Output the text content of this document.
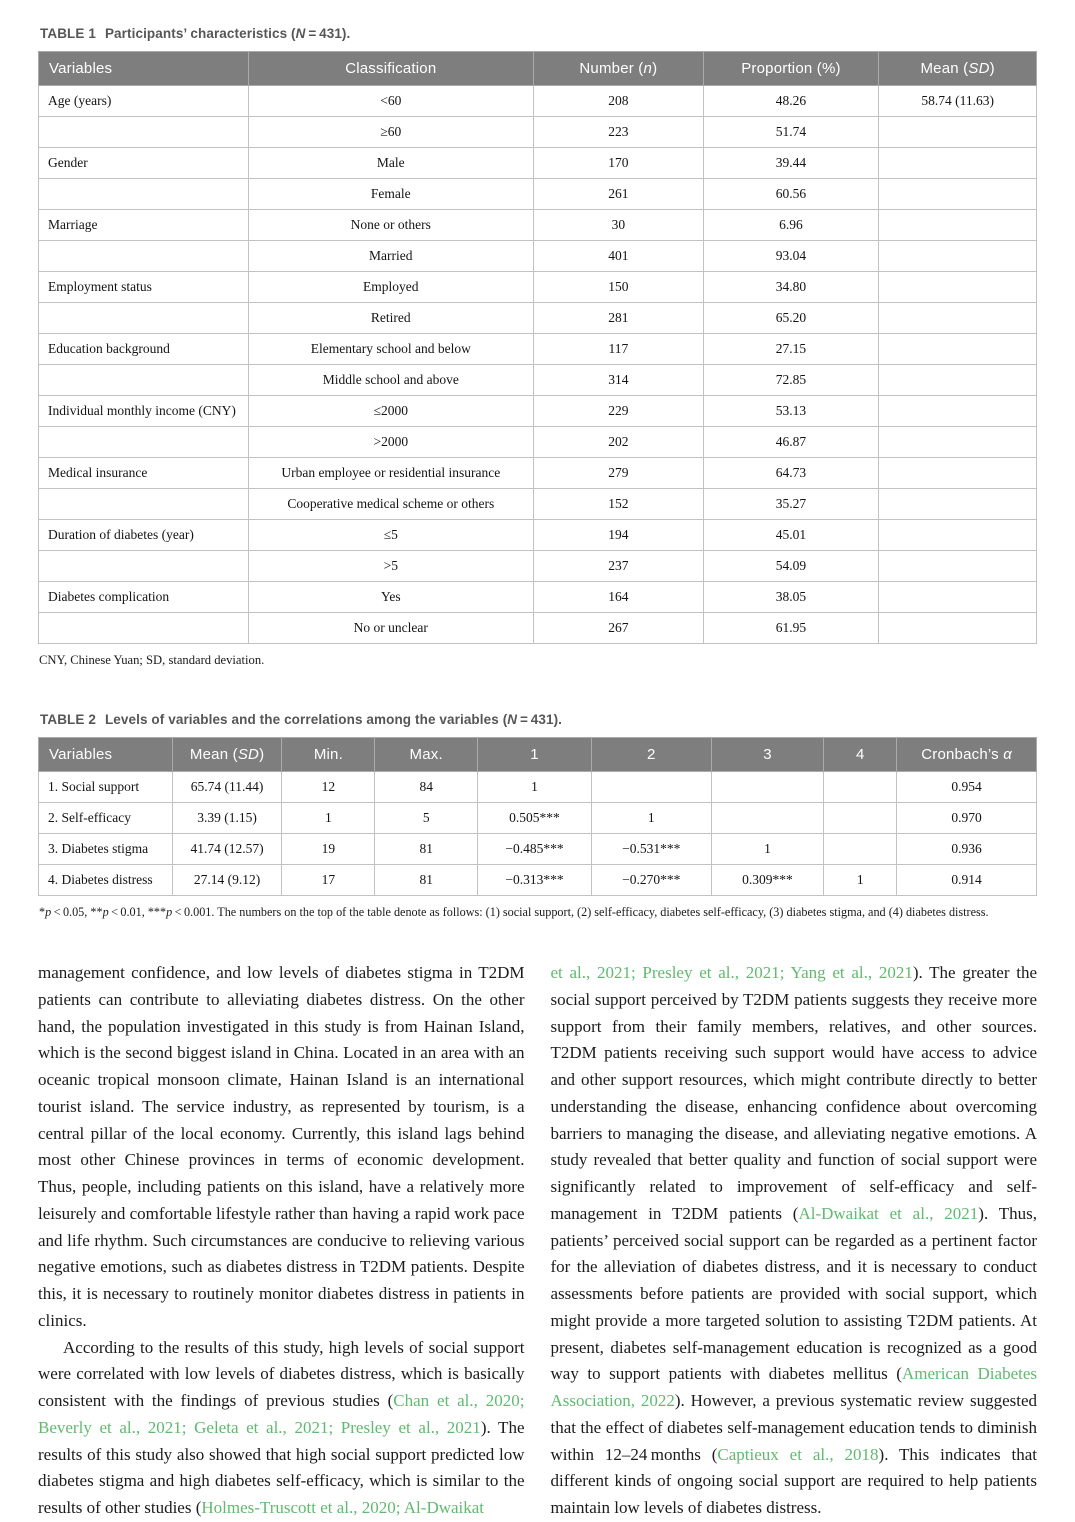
TABLE 1 Participants’ characteristics (N = 431).

Variables	Classification	Number (n)	Proportion (%)	Mean (SD)
Age (years)	<60	208	48.26	58.74 (11.63)
	≥60	223	51.74	
Gender	Male	170	39.44	
	Female	261	60.56	
Marriage	None or others	30	6.96	
	Married	401	93.04	
Employment status	Employed	150	34.80	
	Retired	281	65.20	
Education background	Elementary school and below	117	27.15	
	Middle school and above	314	72.85	
Individual monthly income (CNY)	≤2000	229	53.13	
	>2000	202	46.87	
Medical insurance	Urban employee or residential insurance	279	64.73	
	Cooperative medical scheme or others	152	35.27	
Duration of diabetes (year)	≤5	194	45.01	
	>5	237	54.09	
Diabetes complication	Yes	164	38.05	
	No or unclear	267	61.95	

CNY, Chinese Yuan; SD, standard deviation.

TABLE 2 Levels of variables and the correlations among the variables (N = 431).

Variables	Mean (SD)	Min.	Max.	1	2	3	4	Cronbach’s α
1. Social support	65.74 (11.44)	12	84	1				0.954
2. Self-efficacy	3.39 (1.15)	1	5	0.505***	1			0.970
3. Diabetes stigma	41.74 (12.57)	19	81	−0.485***	−0.531***	1		0.936
4. Diabetes distress	27.14 (9.12)	17	81	−0.313***	−0.270***	0.309***	1	0.914

*p < 0.05, **p < 0.01, ***p < 0.001. The numbers on the top of the table denote as follows: (1) social support, (2) self-efficacy, diabetes self-efficacy, (3) diabetes stigma, and (4) diabetes distress.

management confidence, and low levels of diabetes stigma in T2DM patients can contribute to alleviating diabetes distress. On the other hand, the population investigated in this study is from Hainan Island, which is the second biggest island in China. Located in an area with an oceanic tropical monsoon climate, Hainan Island is an international tourist island. The service industry, as represented by tourism, is a central pillar of the local economy. Currently, this island lags behind most other Chinese provinces in terms of economic development. Thus, people, including patients on this island, have a relatively more leisurely and comfortable lifestyle rather than having a rapid work pace and life rhythm. Such circumstances are conducive to relieving various negative emotions, such as diabetes distress in T2DM patients. Despite this, it is necessary to routinely monitor diabetes distress in patients in clinics.

According to the results of this study, high levels of social support were correlated with low levels of diabetes distress, which is basically consistent with the findings of previous studies (Chan et al., 2020; Beverly et al., 2021; Geleta et al., 2021; Presley et al., 2021). The results of this study also showed that high social support predicted low diabetes stigma and high diabetes self-efficacy, which is similar to the results of other studies (Holmes-Truscott et al., 2020; Al-Dwaikat

et al., 2021; Presley et al., 2021; Yang et al., 2021). The greater the social support perceived by T2DM patients suggests they receive more support from their family members, relatives, and other sources. T2DM patients receiving such support would have access to advice and other support resources, which might contribute directly to better understanding the disease, enhancing confidence about overcoming barriers to managing the disease, and alleviating negative emotions. A study revealed that better quality and function of social support were significantly related to improvement of self-efficacy and self-management in T2DM patients (Al-Dwaikat et al., 2021). Thus, patients’ perceived social support can be regarded as a pertinent factor for the alleviation of diabetes distress, and it is necessary to conduct assessments before patients are provided with social support, which might provide a more targeted solution to assisting T2DM patients. At present, diabetes self-management education is recognized as a good way to support patients with diabetes mellitus (American Diabetes Association, 2022). However, a previous systematic review suggested that the effect of diabetes self-management education tends to diminish within 12–24 months (Captieux et al., 2018). This indicates that different kinds of ongoing social support are required to help patients maintain low levels of diabetes distress.
